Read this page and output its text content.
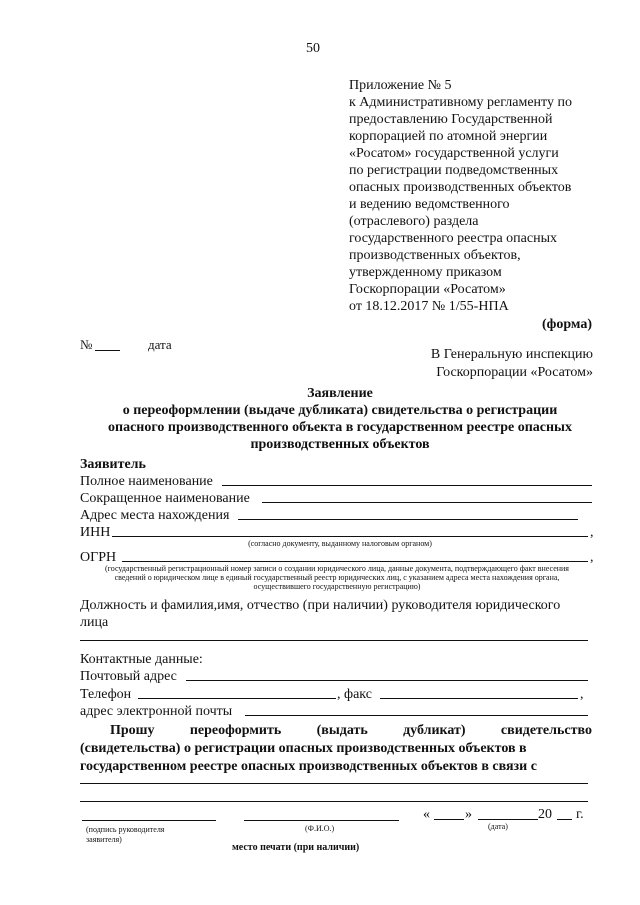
50
Приложение № 5
к Административному регламенту по
предоставлению Государственной
корпорацией по атомной энергии
«Росатом» государственной услуги
по регистрации подведомственных
опасных производственных объектов
и ведению ведомственного
(отраслевого) раздела
государственного реестра опасных
производственных объектов,
утвержденному приказом
Госкорпорации «Росатом»
от 18.12.2017 № 1/55-НПА
(форма)
№	дата
В Генеральную инспекцию
Госкорпорации «Росатом»
Заявление
о переоформлении (выдаче дубликата) свидетельства о регистрации
опасного производственного объекта в государственном реестре опасных
производственных объектов
Заявитель
Полное наименование
Сокращенное наименование
Адрес места нахождения
ИНН	,
(согласно документу, выданному налоговым органом)
ОГРН	,
(государственный регистрационный номер записи о создании юридического лица, данные документа, подтверждающего факт внесения
сведений о юридическом лице в единый государственный реестр юридических лиц, с указанием адреса места нахождения органа,
осуществившего государственную регистрацию)
Должность и фамилия,имя, отчество (при наличии) руководителя юридического
лица
Контактные данные:
Почтовый адрес
Телефон	, факс	,
адрес электронной почты
Прошу	переоформить	(выдать	дубликат)	свидетельство
(свидетельства) о регистрации опасных производственных объектов в
государственном реестре опасных производственных объектов в связи с
«	»	20 г.
(подпись руководителя
заявителя)
(Ф.И.О.)	(дата)
место печати (при наличии)
